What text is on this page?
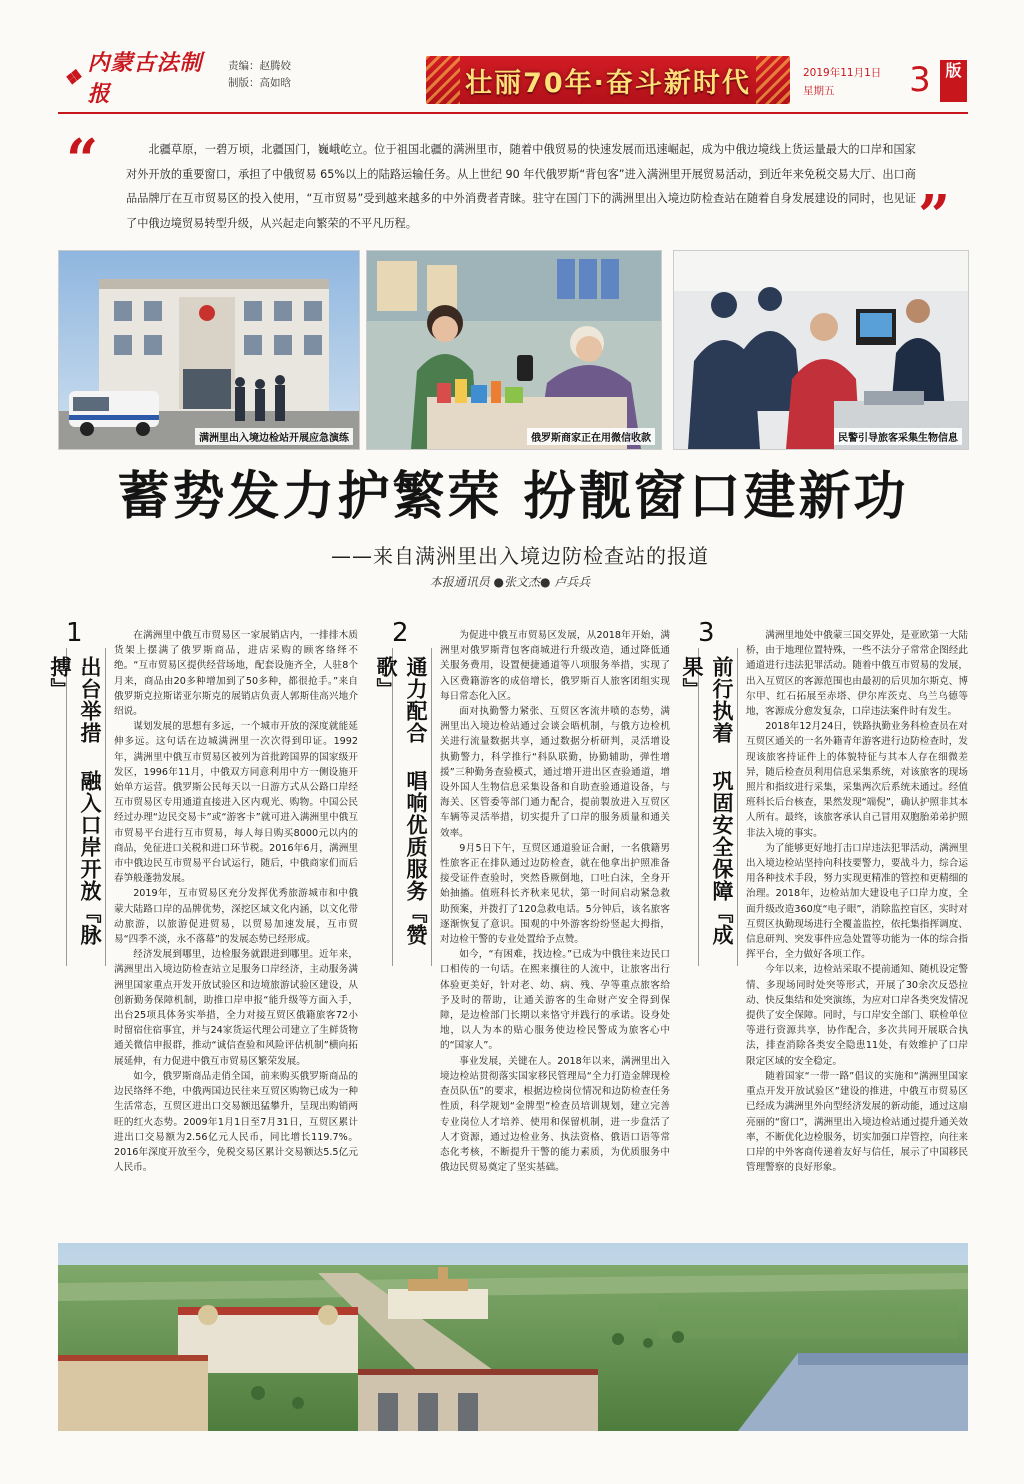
❖
内蒙古法制报
责编：赵腾姣
制版：高如晗	壮丽70年·奋斗新时代	2019年11月1日
星期五	3 版
“	北疆草原，一碧万顷，北疆国门，巍峨屹立。位于祖国北疆的满洲里市，随着中俄贸易的快速发展而迅速崛起，成为中俄边境线上货运量最大的口岸和国家对外开放的重要窗口，承担了中俄贸易 65%以上的陆路运输任务。从上世纪 90 年代俄罗斯“背包客”进入满洲里开展贸易活动，到近年来免税交易大厅、出口商品品牌厅在互市贸易区的投入使用，“互市贸易”受到越来越多的中外消费者青睐。驻守在国门下的满洲里出入境边防检查站在随着自身发展建设的同时，也见证了中俄边境贸易转型升级，从兴起走向繁荣的不平凡历程。	”
满洲里出入境边检站开展应急演练	俄罗斯商家正在用微信收款	民警引导旅客采集生物信息
蓄势发力护繁荣 扮靓窗口建新功
——来自满洲里出入境边防检查站的报道
本报通讯员 ●张文杰● 卢兵兵
1
出台举措 融入口岸开放『脉搏』

在满洲里中俄互市贸易区一家展销店内，一排排木质货架上摆满了俄罗斯商品，进店采购的顾客络绎不绝。“互市贸易区提供经营场地，配套设施齐全，人驻8个月来，商品由20多种增加到了50多种，都很抢手。”来自俄罗斯克拉斯诺亚尔斯克的展销店负责人郭斯佳高兴地介绍说。

谋划发展的思想有多远，一个城市开放的深度就能延伸多远。这句话在边城满洲里一次次得到印证。1992年，满洲里中俄互市贸易区被列为首批跨国界的国家级开发区，1996年11月，中俄双方同意利用中方一侧设施开始单方运营。俄罗斯公民每天以一日游方式从公路口岸经互市贸易区专用通道直接进入区内观光、购物。中国公民经过办理“边民交易卡”或“游客卡”就可进入满洲里中俄互市贸易平台进行互市贸易，每人每日购买8000元以内的商品，免征进口关税和进口环节税。2016年6月，满洲里市中俄边民互市贸易平台试运行，随后，中俄商家们而后春笋般蓬勃发展。

2019年，互市贸易区充分发挥优秀旅游城市和中俄蒙大陆路口岸的品牌优势，深挖区域文化内涵，以文化带动旅游，以旅游促进贸易，以贸易加速发展，互市贸易“四季不淡，永不落幕”的发展态势已经形成。

经济发展到哪里，边检服务就跟进到哪里。近年来，满洲里出入境边防检查站立足服务口岸经济，主动服务满洲里国家重点开发开放试验区和边境旅游试验区建设，从创新勤务保障机制，助推口岸申报“能升级等方面入手，出台25项具体务实举措，全力对接互贸区俄籍旅客72小时留宿住宿事宜，并与24家货运代理公司建立了生鲜货物通关微信申报群，推动“诚信查验和风险评估机制”横向拓展延伸，有力促进中俄互市贸易区繁荣发展。

如今，俄罗斯商品走俏全国，前来购买俄罗斯商品的边民络绎不绝，中俄两国边民往来互贸区购物已成为一种生活常态，互贸区进出口交易额迅猛攀升，呈现出购销两旺的红火态势。2009年1月1日至7月31日，互贸区累计进出口交易额为2.56亿元人民币，同比增长119.7%。2016年深度开放至今，免税交易区累计交易额达5.5亿元人民币。

2
通力配合 唱响优质服务『赞歌』

为促进中俄互市贸易区发展，从2018年开始，满洲里对俄罗斯背包客商城进行升级改造，通过降低通关服务费用，设置便捷通道等八项服务举措，实现了入区费籍游客的成倍增长，俄罗斯百人旅客团组实现每日常态化入区。

面对执勤警力紧张、互贸区客流井喷的态势，满洲里出入境边检站通过会谈会晤机制，与俄方边检机关进行流量数据共享，通过数据分析研判，灵活增设执勤警力，科学推行“科队联勤，协勤辅助，弹性增援”三种勤务查验模式，通过增开进出区查验通道，增设外国人生物信息采集设备和自助查验通道设备，与海关、区管委等部门通力配合，提前製放进入互贸区车辆等灵活举措，切实提升了口岸的服务质量和通关效率。

9月5日下午，互贸区通道验证合耐，一名俄籍男性旅客正在排队通过边防检查，就在他拿出护照准备接受证件查验时，突然昏厥倒地，口吐白沫，全身开始抽搐。值班科长齐秋来见状，第一时间启动紧急救助预案，并拨打了120急救电话。5分钟后，该名旅客逐渐恢复了意识。围观的中外游客纷纷竖起大拇指，对边检干警的专业处置给予点赞。

如今，“有困难，找边检。”已成为中俄往来边民口口相传的一句话。在熙来攘往的人流中，让旅客出行体验更美好，针对老、幼、病、残、孕等重点旅客给予及时的帮助，让通关游客的生命财产安全得到保障，是边检部门长期以来恪守并践行的承诺。设身处地，以人为本的贴心服务使边检民警成为旅客心中的“国家人”。

事业发展，关键在人。2018年以来，满洲里出入境边检站贯彻落实国家移民管理局“全力打造金牌现检查员队伍”的要求，根据边检岗位情况和边防检查任务性质，科学规划“金牌型”检查员培训规划，建立完善专业岗位人才培养、使用和保留机制，进一步盘活了人才资源，通过边检业务、执法资格、俄语口语等常态化考核，不断提升干警的能力素质，为优质服务中俄边民贸易奠定了坚实基础。

3
前行执着 巩固安全保障『成果』

满洲里地处中俄蒙三国交界处，是亚欧第一大陆桥，由于地理位置特殊，一些不法分子常常企图经此通道进行违法犯罪活动。随着中俄互市贸易的发展，出入互贸区的客源范围也由最初的后贝加尔斯克、博尔甲、红石拓展至赤塔、伊尔库茨克、乌兰乌德等地，客源成分愈发复杂，口岸违法案件时有发生。

2018年12月24日，铁路执勤业务科检查员在对互贸区通关的一名外籍青年游客进行边防检查时，发现该旅客持证件上的体貌特征与其本人存在细微差异，随后检查员利用信息采集系统，对该旅客的现场照片和指纹进行采集，采集两次后系统未通过。经值班科长后台核查，果然发现“端倪”，确认护照非其本人所有。最终，该旅客承认自己冒用双胞胎弟弟护照非法入境的事实。

为了能够更好地打击口岸违法犯罪活动，满洲里出入境边检站坚持向科技要警力，要战斗力，综合运用各种技术手段，努力实现更精准的管控和更精细的治理。2018年，边检站加大建设电子口岸力度，全面升级改造360度“电子眼”，消除监控盲区，实时对互贸区执勤现场进行全覆盖监控，依托集指挥调度、信息研判、突发事件应急处置等功能为一体的综合指挥平台，全力做好各项工作。

今年以来，边检站采取不提前通知、随机设定警情、多现场同时处突等形式，开展了30余次反恐拉动、快反集结和处突演练，为应对口岸各类突发情况提供了安全保障。同时，与口岸安全部门、联检单位等进行资源共享，协作配合，多次共同开展联合执法，排查消除各类安全隐患11处，有效维护了口岸限定区域的安全稳定。

随着国家“一带一路”倡议的实施和“满洲里国家重点开发开放试验区”建设的推进，中俄互市贸易区已经成为满洲里外向型经济发展的新动能，通过这扇亮丽的“窗口”，满洲里出入境边检站通过提升通关效率，不断优化边检服务，切实加强口岸管控，向往来口岸的中外客商传递着友好与信任，展示了中国移民管理警察的良好形象。
